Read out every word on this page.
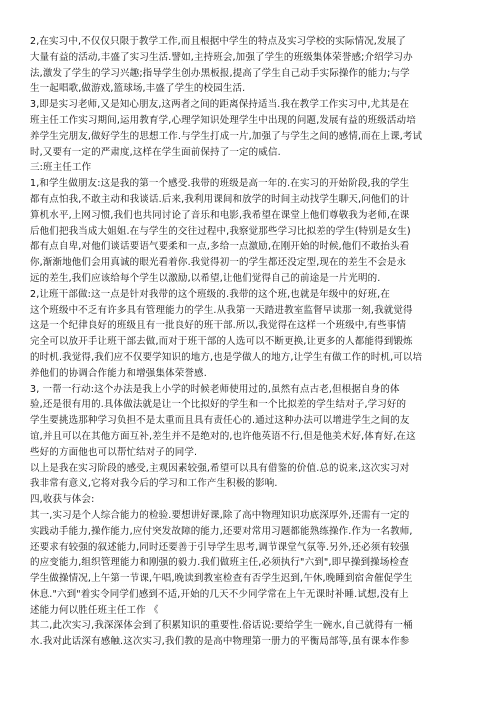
2,在实习中,不仅仅只限于教学工作,而且根据中学生的特点及实习学校的实际情况,发展了
大量有益的活动,丰盛了实习生活.譬如,主持班会,加强了学生的班级集体荣誉感;介绍学习办
法,激发了学生的学习兴趣;指导学生创办黑板报,提高了学生自己动手实际操作的能力;与学
生一起唱歌,做游戏,篮球场,丰盛了学生的校园生活.
3,即是实习老师,又是知心朋友,这两者之间的距离保持适当.我在教学工作实习中,尤其是在
班主任工作实习期间,运用教育学,心理学知识处理学生中出现的问题,发展有益的班级活动培
养学生完朋友,做好学生的思想工作.与学生打成一片,加强了与学生之间的感情,而在上课,考试
时,又要有一定的严肃度,这样在学生面前保持了一定的威信.
三:班主任工作
1,和学生做朋友:这是我的第一个感受.我带的班级是高一年的.在实习的开始阶段,我的学生
都有点怕我,不敢主动和我谈话.后来,我利用课间和放学的时间主动找学生聊天,问他们的计
算机水平,上网习惯,我们也共同讨论了音乐和电影,我希望在课堂上他们尊敬我为老师,在课
后他们把我当成大姐姐.在与学生的交往过程中,我察觉那些学习比拟差的学生(特别是女生)
都有点自卑,对他们谈话要语气要柔和一点,多给一点激励,在刚开始的时候,他们不敢抬头看
你,渐渐地他们会用真诚的眼光看着你.我觉得初一的学生都还没定型,现在的差生不会是永
远的差生,我们应该给每个学生以激励,以希望,让他们觉得自己的前途是一片光明的.
2,让班干部做:这一点是针对我带的这个班级的.我带的这个班,也就是年级中的好班,在
这个班级中不乏有许多具有管理能力的学生.从我第一天踏进教室监督早读那一刻,我就觉得
这是一个纪律良好的班级且有一批良好的班干部.所以,我觉得在这样一个班级中,有些事情
完全可以放开手让班干部去做,而对于班干部的人选可以不断更换,让更多的人都能得到锻炼
的时机.我觉得,我们应不仅要学知识的地方,也是学做人的地方,让学生有做工作的时机,可以培
养他们的协调合作能力和增强集体荣誉感.
3, 一帮一行动:这个办法是我上小学的时候老师使用过的,虽然有点古老,但根据自身的体
验,还是很有用的.具体做法就是让一个比拟好的学生和一个比拟差的学生结对子,学习好的
学生要挑选那种学习负担不是太重而且具有责任心的.通过这种办法可以增进学生之间的友
谊,并且可以在其他方面互补,差生并不是绝对的,也许他英语不行,但是他美术好,体育好,在这
些好的方面他也可以帮忙结对子的同学.
以上是我在实习阶段的感受,主观因素较强,希望可以具有借鉴的价值.总的说来,这次实习对
我非常有意义,它将对我今后的学习和工作产生积极的影响.
四,收获与体会:
其一,实习是个人综合能力的检验.要想讲好课,除了高中物理知识功底深厚外,还需有一定的
实践动手能力,操作能力,应付突发故障的能力,还要对常用习题都能熟练操作.作为一名教师,
还要求有较强的叙述能力,同时还要善于引导学生思考,调节课堂气氛等.另外,还必须有较强
的应变能力,组织管理能力和刚强的毅力.我们做班主任,必须执行"六到",即早操到操场检查
学生做操情况,上午第一节课,午唱,晚读到教室检查有否学生迟到,午休,晚睡到宿舍催促学生
休息."六到"着实令同学们感到不适,开始的几天不少同学常在上午无课时补睡.试想,没有上
述能力何以胜任班主任工作 《
其二,此次实习,我深深体会到了积累知识的重要性.俗话说:要给学生一碗水,自己就得有一桶
水.我对此话深有感触.这次实习,我们教的是高中物理第一册力的平衡局部等,虽有课本作参
